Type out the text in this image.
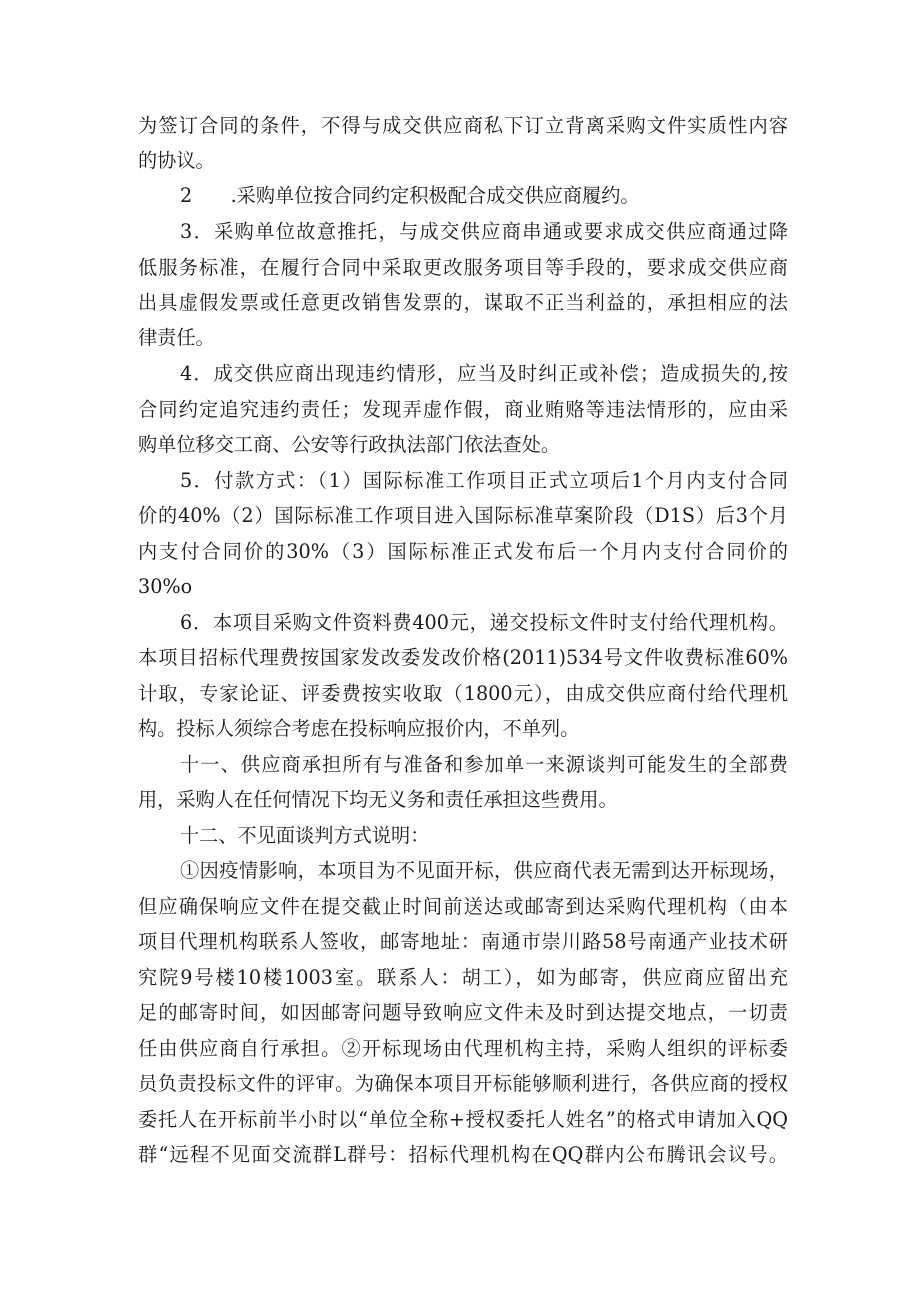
为签订合同的条件，不得与成交供应商私下订立背离采购文件实质性内容
的协议。
2　　.采购单位按合同约定积极配合成交供应商履约。
3．采购单位故意推托，与成交供应商串通或要求成交供应商通过降
低服务标准，在履行合同中采取更改服务项目等手段的，要求成交供应商
出具虚假发票或任意更改销售发票的，谋取不正当利益的，承担相应的法
律责任。
4．成交供应商出现违约情形，应当及时纠正或补偿；造成损失的,按
合同约定追究违约责任；发现弄虚作假，商业贿赂等违法情形的，应由采
购单位移交工商、公安等行政执法部门依法查处。
5．付款方式：（1）国际标准工作项目正式立项后1个月内支付合同
价的40%（2）国际标准工作项目进入国际标准草案阶段（D1S）后3个月
内支付合同价的30%（3）国际标准正式发布后一个月内支付合同价的
30%o
6．本项目采购文件资料费400元，递交投标文件时支付给代理机构。
本项目招标代理费按国家发改委发改价格(2011)534号文件收费标准60%
计取，专家论证、评委费按实收取（1800元），由成交供应商付给代理机
构。投标人须综合考虑在投标响应报价内，不单列。
十一、供应商承担所有与准备和参加单一来源谈判可能发生的全部费
用，采购人在任何情况下均无义务和责任承担这些费用。
十二、不见面谈判方式说明：
①因疫情影响，本项目为不见面开标，供应商代表无需到达开标现场，
但应确保响应文件在提交截止时间前送达或邮寄到达采购代理机构（由本
项目代理机构联系人签收，邮寄地址：南通市崇川路58号南通产业技术研
究院9号楼10楼1003室。联系人：胡工），如为邮寄，供应商应留出充
足的邮寄时间，如因邮寄问题导致响应文件未及时到达提交地点，一切责
任由供应商自行承担。②开标现场由代理机构主持，采购人组织的评标委
员负责投标文件的评审。为确保本项目开标能够顺利进行，各供应商的授权
委托人在开标前半小时以“单位全称+授权委托人姓名”的格式申请加入QQ
群“远程不见面交流群L群号：招标代理机构在QQ群内公布腾讯会议号。
